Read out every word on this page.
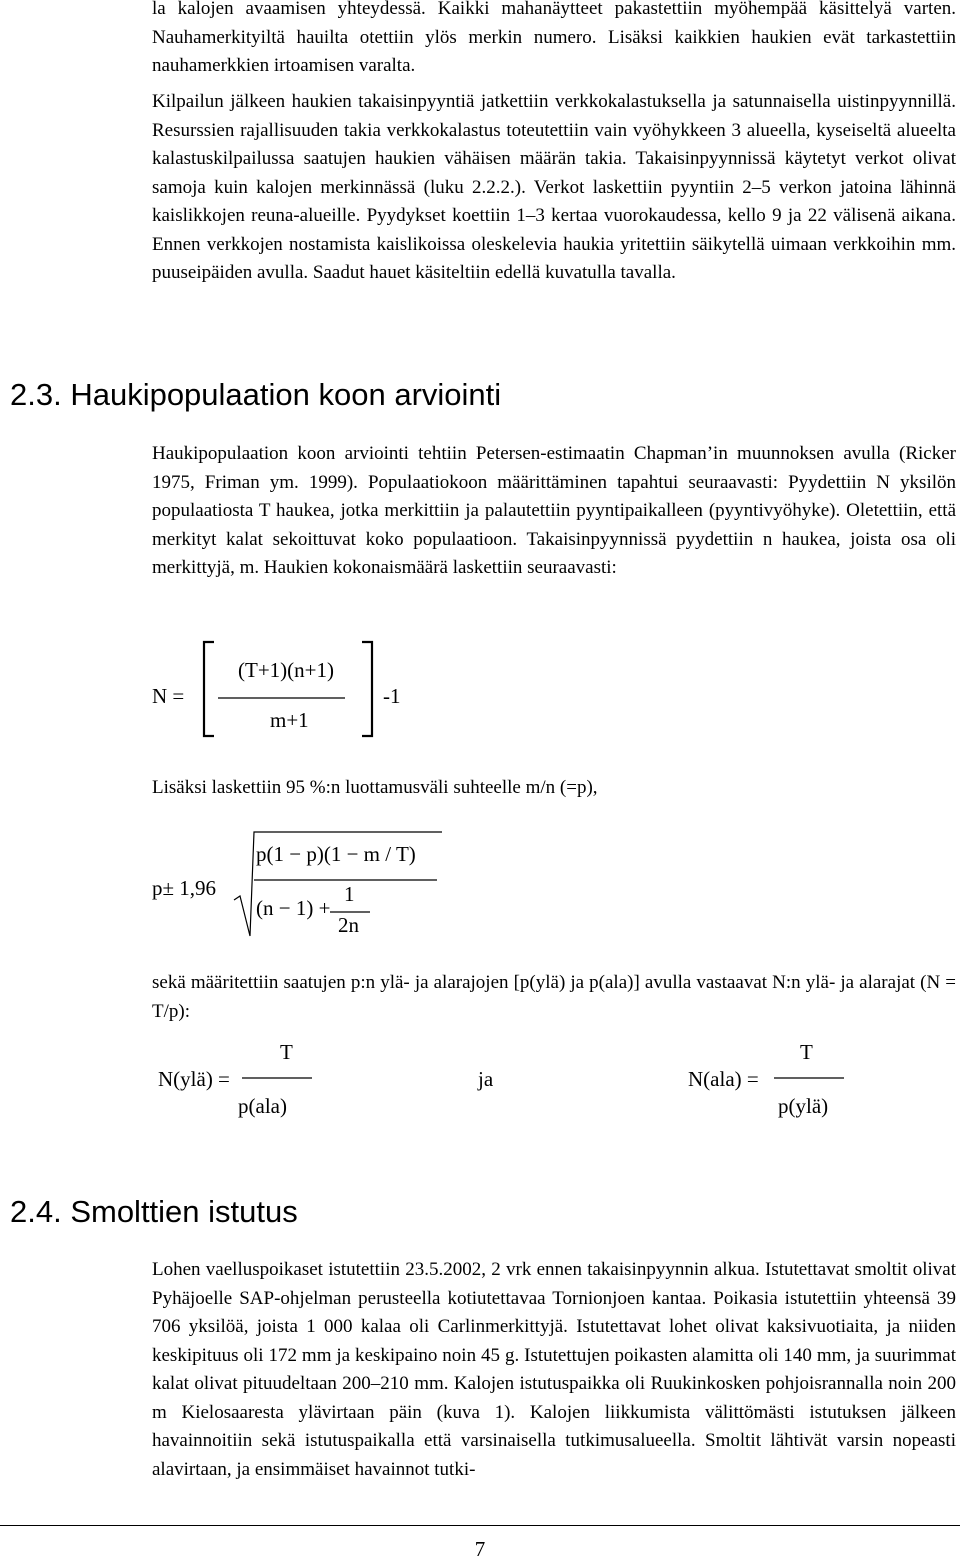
la kalojen avaamisen yhteydessä. Kaikki mahanäytteet pakastettiin myöhempää käsittelyä varten. Nauhamerkityiltä hauilta otettiin ylös merkin numero. Lisäksi kaikkien haukien evät tarkastettiin nauhamerkkien irtoamisen varalta.

Kilpailun jälkeen haukien takaisinpyyntiä jatkettiin verkkokalastuksella ja satunnaisella uistinpyynnillä. Resurssien rajallisuuden takia verkkokalastus toteutettiin vain vyöhykkeen 3 alueella, kyseiseltä alueelta kalastuskilpailussa saatujen haukien vähäisen määrän takia. Takaisinpyynnissä käytetyt verkot olivat samoja kuin kalojen merkinnässä (luku 2.2.2.). Verkot laskettiin pyyntiin 2–5 verkon jatoina lähinnä kaislikkojen reuna-alueille. Pyydykset koettiin 1–3 kertaa vuorokaudessa, kello 9 ja 22 välisenä aikana. Ennen verkkojen nostamista kaislikoissa oleskelevia haukia yritettiin säikytellä uimaan verkkoihin mm. puuseipäiden avulla. Saadut hauet käsiteltiin edellä kuvatulla tavalla.

2.3. Haukipopulaation koon arviointi

Haukipopulaation koon arviointi tehtiin Petersen-estimaatin Chapman’in muunnoksen avulla (Ricker 1975, Friman ym. 1999). Populaatiokoon määrittäminen tapahtui seuraavasti: Pyydettiin N yksilön populaatiosta T haukea, jotka merkittiin ja palautettiin pyyntipaikalleen (pyyntivyöhyke). Oletettiin, että merkityt kalat sekoittuvat koko populaatioon. Takaisinpyynnissä pyydettiin n haukea, joista osa oli merkittyjä, m. Haukien kokonaismäärä laskettiin seuraavasti:

N =
(T+1)(n+1)
m+1
-1

Lisäksi laskettiin 95 %:n luottamusväli suhteelle m/n (=p),

p± 1,96
p(1 − p)(1 − m / T)
(n − 1) +
1
2n

sekä määritettiin saatujen p:n ylä- ja alarajojen [p(ylä) ja p(ala)] avulla vastaavat N:n ylä- ja alarajat (N = T/p):

N(ylä) =
T
p(ala)
ja	N(ala) =
T
p(ylä)
2.4. Smolttien istutus

Lohen vaelluspoikaset istutettiin 23.5.2002, 2 vrk ennen takaisinpyynnin alkua. Istutettavat smoltit olivat Pyhäjoelle SAP-ohjelman perusteella kotiutettavaa Tornionjoen kantaa. Poikasia istutettiin yhteensä 39 706 yksilöä, joista 1 000 kalaa oli Carlinmerkittyjä. Istutettavat lohet olivat kaksivuotiaita, ja niiden keskipituus oli 172 mm ja keskipaino noin 45 g. Istutettujen poikasten alamitta oli 140 mm, ja suurimmat kalat olivat pituudeltaan 200–210 mm. Kalojen istutuspaikka oli Ruukinkosken pohjoisrannalla noin 200 m Kielosaaresta ylävirtaan päin (kuva 1). Kalojen liikkumista välittömästi istutuksen jälkeen havainnoitiin sekä istutuspaikalla että varsinaisella tutkimusalueella. Smoltit lähtivät varsin nopeasti alavirtaan, ja ensimmäiset havainnot tutki-

7
